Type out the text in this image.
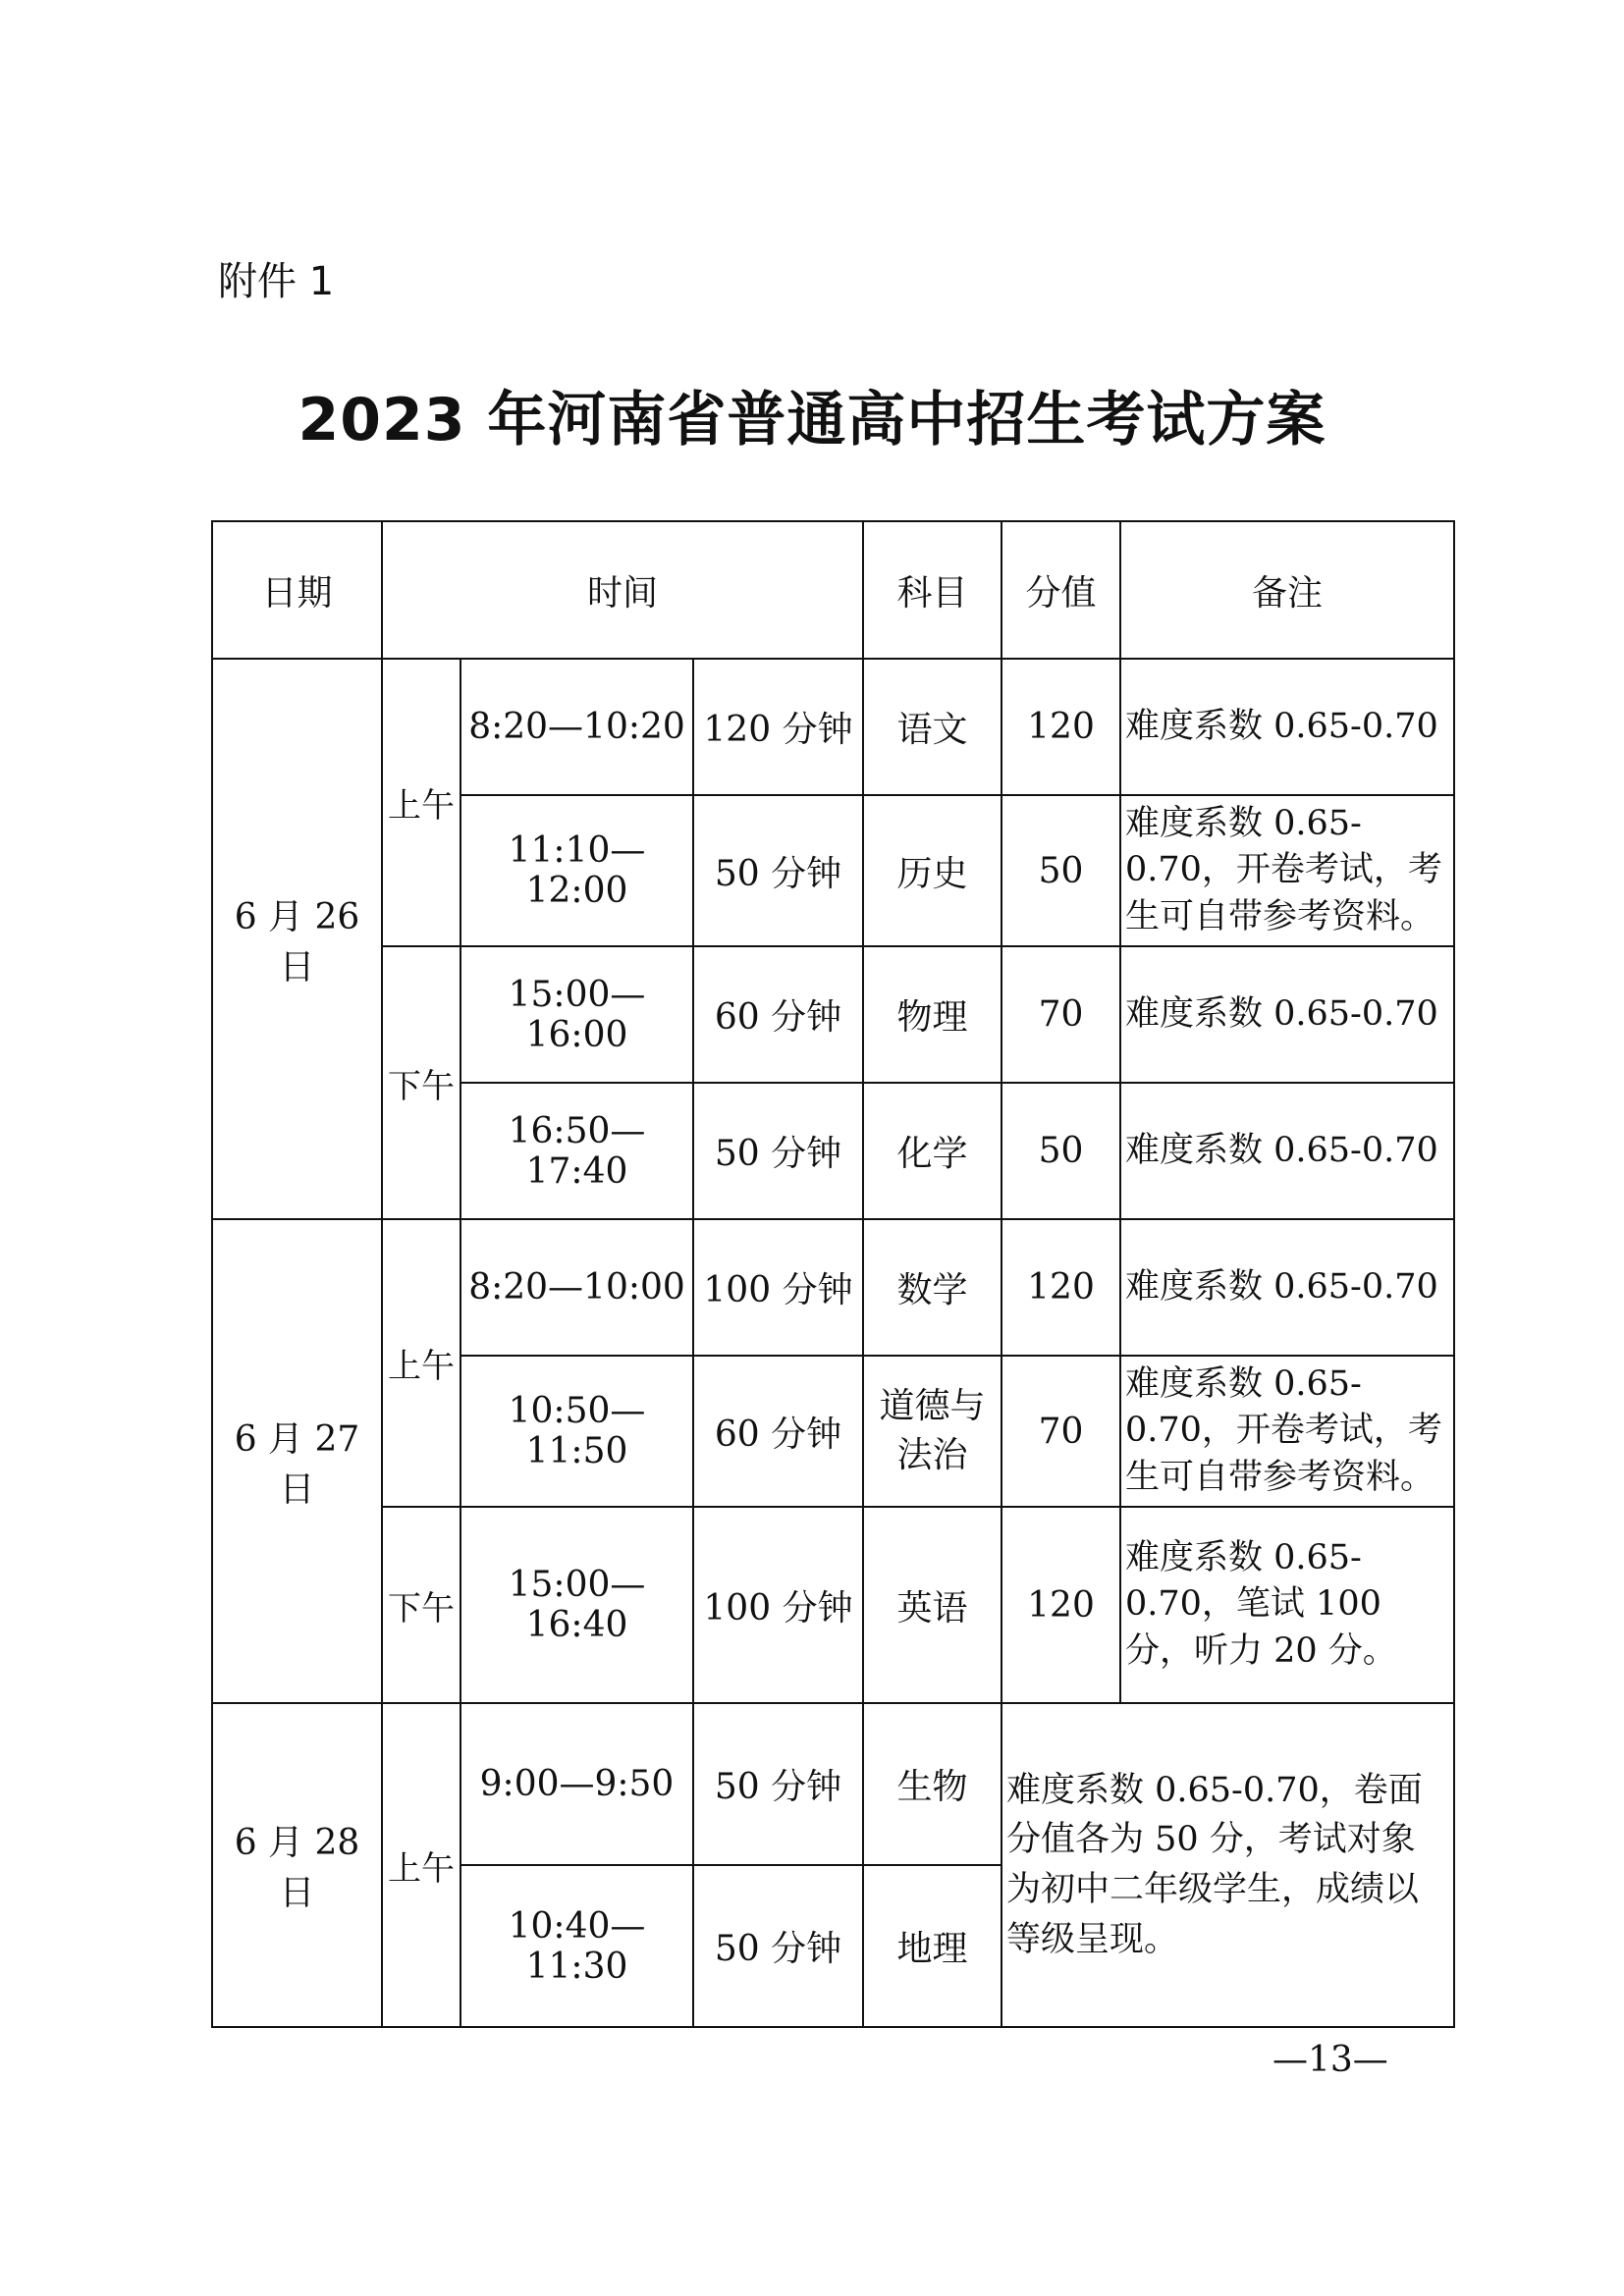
附件 1
2023 年河南省普通高中招生考试方案
日期	时间			科目	分值	备注
6 月 26 日	上午	8:20—10:20	120 分钟	语文	120	难度系数 0.65-0.70
		11:10—12:00	50 分钟	历史	50	难度系数 0.65-0.70，开卷考试，考生可自带参考资料。
	下午	15:00—16:00	60 分钟	物理	70	难度系数 0.65-0.70
		16:50—17:40	50 分钟	化学	50	难度系数 0.65-0.70
6 月 27 日	上午	8:20—10:00	100 分钟	数学	120	难度系数 0.65-0.70
		10:50—11:50	60 分钟	道德与法治	70	难度系数 0.65-0.70，开卷考试，考生可自带参考资料。
	下午	15:00—16:40	100 分钟	英语	120	难度系数 0.65-0.70，笔试 100 分，听力 20 分。
6 月 28 日	上午	9:00—9:50	50 分钟	生物	难度系数 0.65-0.70，卷面分值各为 50 分，考试对象为初中二年级学生，成绩以等级呈现。	
		10:40—11:30	50 分钟	地理		
—13—
